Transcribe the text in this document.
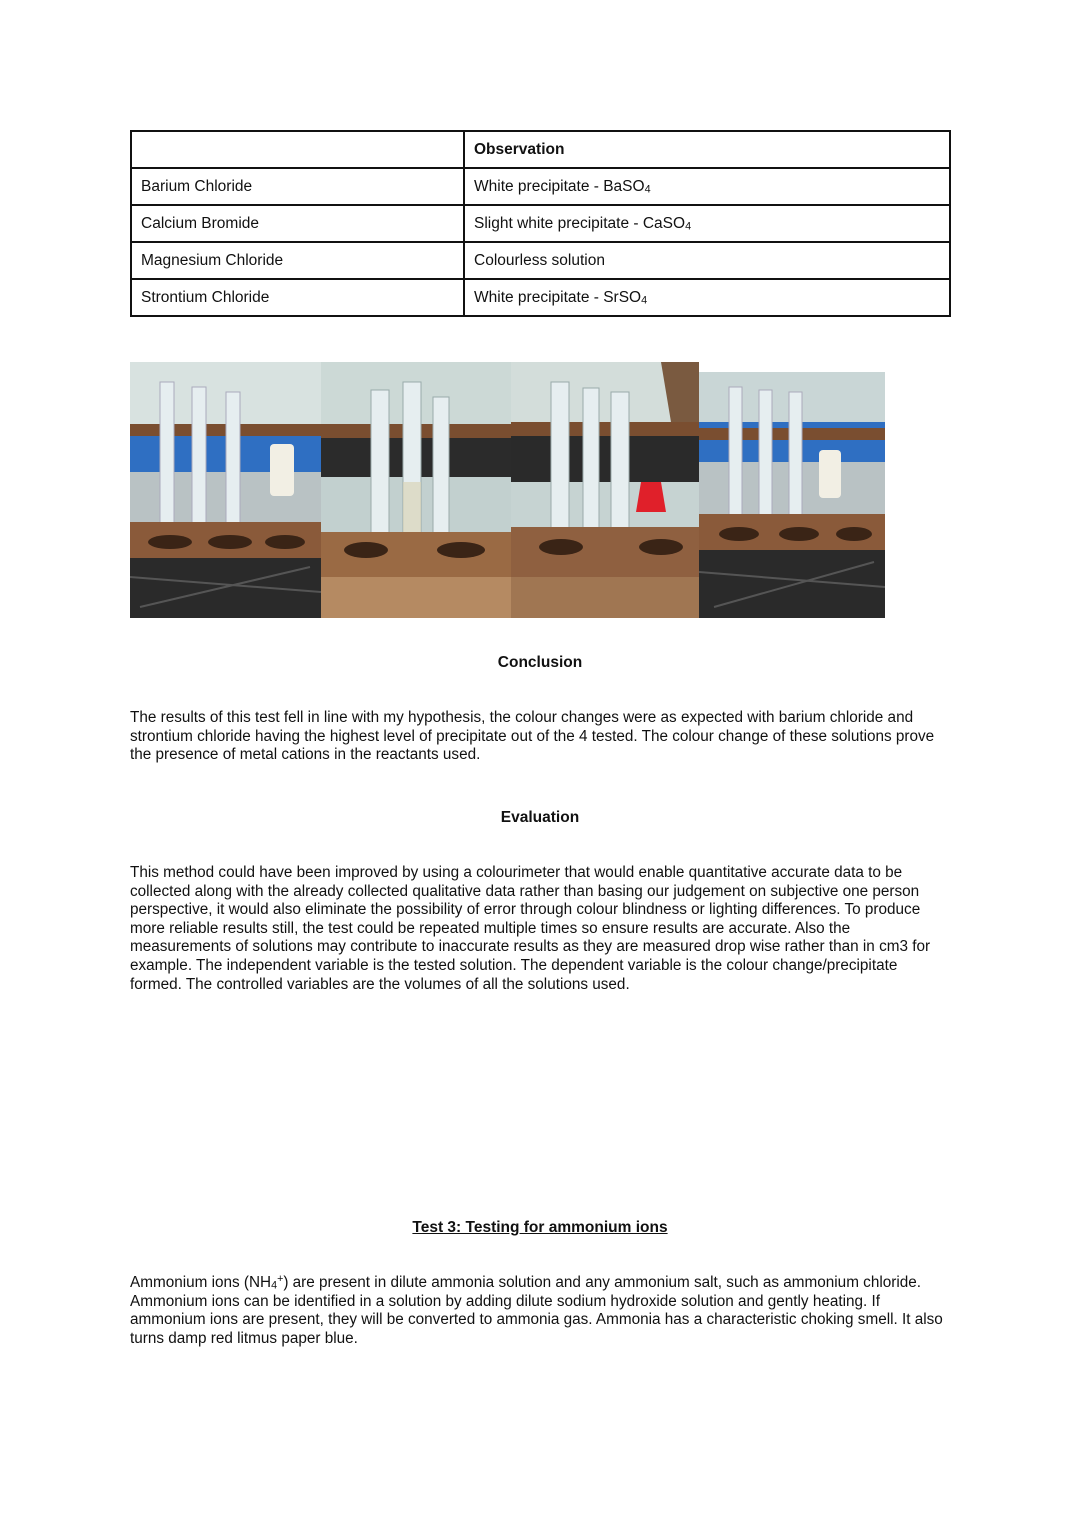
	Observation
Barium Chloride	White precipitate - BaSO$_4$
Calcium Bromide	Slight white precipitate - CaSO$_4$
Magnesium Chloride	Colourless solution
Strontium Chloride	White precipitate - SrSO$_4$
Conclusion

The results of this test fell in line with my hypothesis, the colour changes were as expected with barium chloride and strontium chloride having the highest level of precipitate out of the 4 tested. The colour change of these solutions prove the presence of metal cations in the reactants used.

Evaluation

This method could have been improved by using a colourimeter that would enable quantitative accurate data to be collected along with the already collected qualitative data rather than basing our judgement on subjective one person perspective, it would also eliminate the possibility of error through colour blindness or lighting differences. To produce more reliable results still, the test could be repeated multiple times so ensure results are accurate. Also the measurements of solutions may contribute to inaccurate results as they are measured drop wise rather than in cm3 for example. The independent variable is the tested solution. The dependent variable is the colour change/precipitate formed. The controlled variables are the volumes of all the solutions used.

Test 3: Testing for ammonium ions

Ammonium ions $(NH_4^+)$ are present in dilute ammonia solution and any ammonium salt, such as ammonium chloride. Ammonium ions can be identified in a solution by adding dilute sodium hydroxide solution and gently heating. If ammonium ions are present, they will be converted to ammonia gas. Ammonia has a characteristic choking smell. It also turns damp red litmus paper blue.
